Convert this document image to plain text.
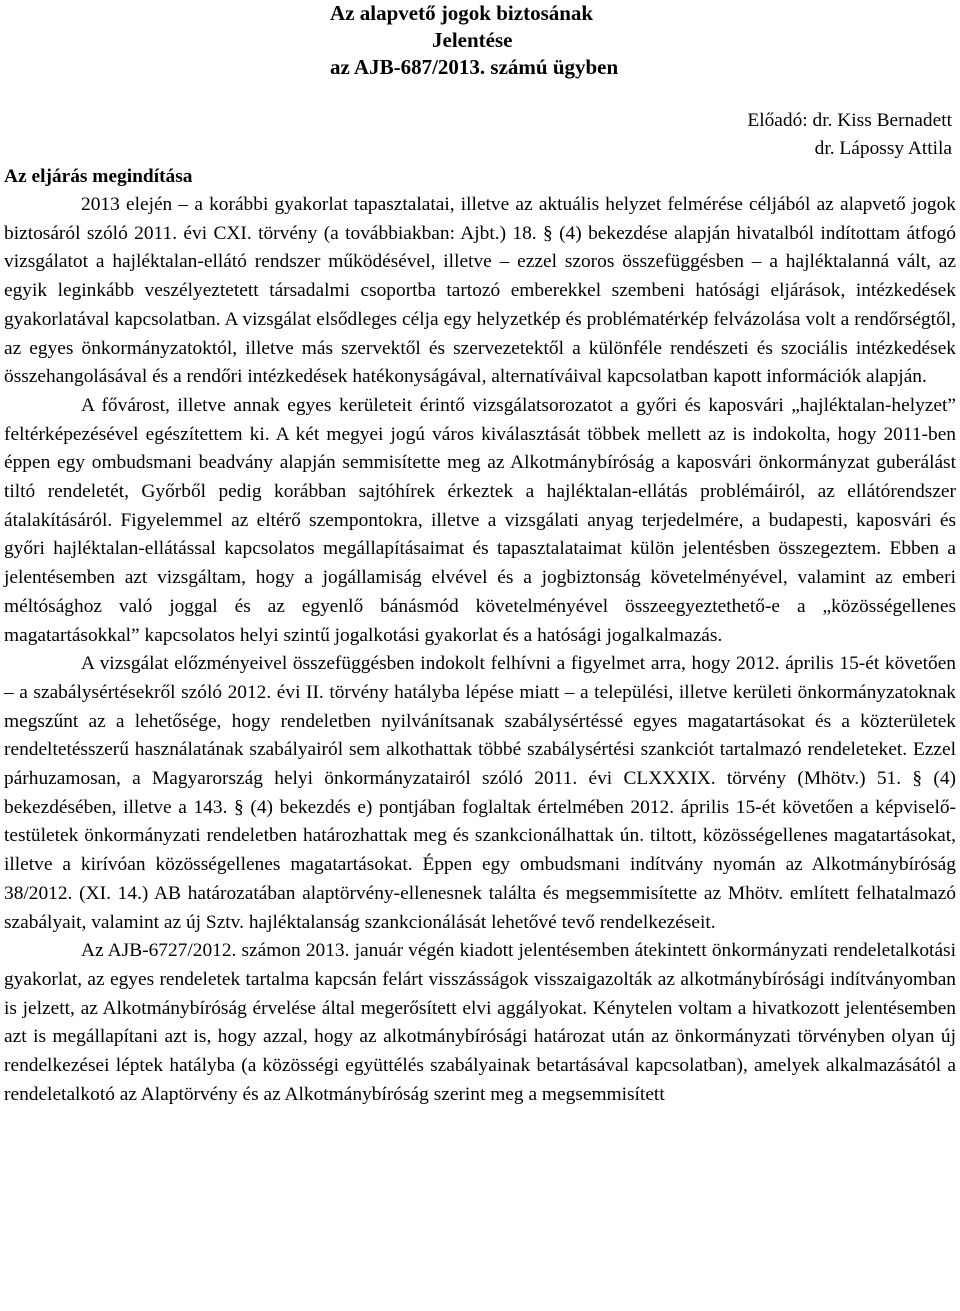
Az alapvető jogok biztosának
Jelentése
az AJB-687/2013. számú ügyben
Előadó: dr. Kiss Bernadett
dr. Lápossy Attila
Az eljárás megindítása

2013 elején – a korábbi gyakorlat tapasztalatai, illetve az aktuális helyzet felmérése céljából az alapvető jogok biztosáról szóló 2011. évi CXI. törvény (a továbbiakban: Ajbt.) 18. § (4) bekezdése alapján hivatalból indítottam átfogó vizsgálatot a hajléktalan-ellátó rendszer működésével, illetve – ezzel szoros összefüggésben – a hajléktalanná vált, az egyik leginkább veszélyeztetett társadalmi csoportba tartozó emberekkel szembeni hatósági eljárások, intézkedések gyakorlatával kapcsolatban. A vizsgálat elsődleges célja egy helyzetkép és problématérkép felvázolása volt a rendőrségtől, az egyes önkormányzatoktól, illetve más szervektől és szervezetektől a különféle rendészeti és szociális intézkedések összehangolásával és a rendőri intézkedések hatékonyságával, alternatíváival kapcsolatban kapott információk alapján.

A fővárost, illetve annak egyes kerületeit érintő vizsgálatsorozatot a győri és kaposvári „hajléktalan-helyzet” feltérképezésével egészítettem ki. A két megyei jogú város kiválasztását többek mellett az is indokolta, hogy 2011-ben éppen egy ombudsmani beadvány alapján semmisítette meg az Alkotmánybíróság a kaposvári önkormányzat guberálást tiltó rendeletét, Győrből pedig korábban sajtóhírek érkeztek a hajléktalan-ellátás problémáiról, az ellátórendszer átalakításáról. Figyelemmel az eltérő szempontokra, illetve a vizsgálati anyag terjedelmére, a budapesti, kaposvári és győri hajléktalan-ellátással kapcsolatos megállapításaimat és tapasztalataimat külön jelentésben összegeztem. Ebben a jelentésemben azt vizsgáltam, hogy a jogállamiság elvével és a jogbiztonság követelményével, valamint az emberi méltósághoz való joggal és az egyenlő bánásmód követelményével összeegyeztethető-e a „közösségellenes magatartásokkal” kapcsolatos helyi szintű jogalkotási gyakorlat és a hatósági jogalkalmazás.

A vizsgálat előzményeivel összefüggésben indokolt felhívni a figyelmet arra, hogy 2012. április 15-ét követően – a szabálysértésekről szóló 2012. évi II. törvény hatályba lépése miatt – a települési, illetve kerületi önkormányzatoknak megszűnt az a lehetősége, hogy rendeletben nyilvánítsanak szabálysértéssé egyes magatartásokat és a közterületek rendeltetésszerű használatának szabályairól sem alkothattak többé szabálysértési szankciót tartalmazó rendeleteket. Ezzel párhuzamosan, a Magyarország helyi önkormányzatairól szóló 2011. évi CLXXXIX. törvény (Mhötv.) 51. § (4) bekezdésében, illetve a 143. § (4) bekezdés e) pontjában foglaltak értelmében 2012. április 15-ét követően a képviselő-testületek önkormányzati rendeletben határozhattak meg és szankcionálhattak ún. tiltott, közösségellenes magatartásokat, illetve a kirívóan közösségellenes magatartásokat. Éppen egy ombudsmani indítvány nyomán az Alkotmánybíróság 38/2012. (XI. 14.) AB határozatában alaptörvény-ellenesnek találta és megsemmisítette az Mhötv. említett felhatalmazó szabályait, valamint az új Sztv. hajléktalanság szankcionálását lehetővé tevő rendelkezéseit.

Az AJB-6727/2012. számon 2013. január végén kiadott jelentésemben átekintett önkormányzati rendeletalkotási gyakorlat, az egyes rendeletek tartalma kapcsán felárt visszásságok visszaigazolták az alkotmánybírósági indítványomban is jelzett, az Alkotmánybíróság érvelése által megerősített elvi aggályokat. Kénytelen voltam a hivatkozott jelentésemben azt is megállapítani azt is, hogy azzal, hogy az alkotmánybírósági határozat után az önkormányzati törvényben olyan új rendelkezései léptek hatályba (a közösségi együttélés szabályainak betartásával kapcsolatban), amelyek alkalmazásától a rendeletalkotó az Alaptörvény és az Alkotmánybíróság szerint meg a megsemmisített
